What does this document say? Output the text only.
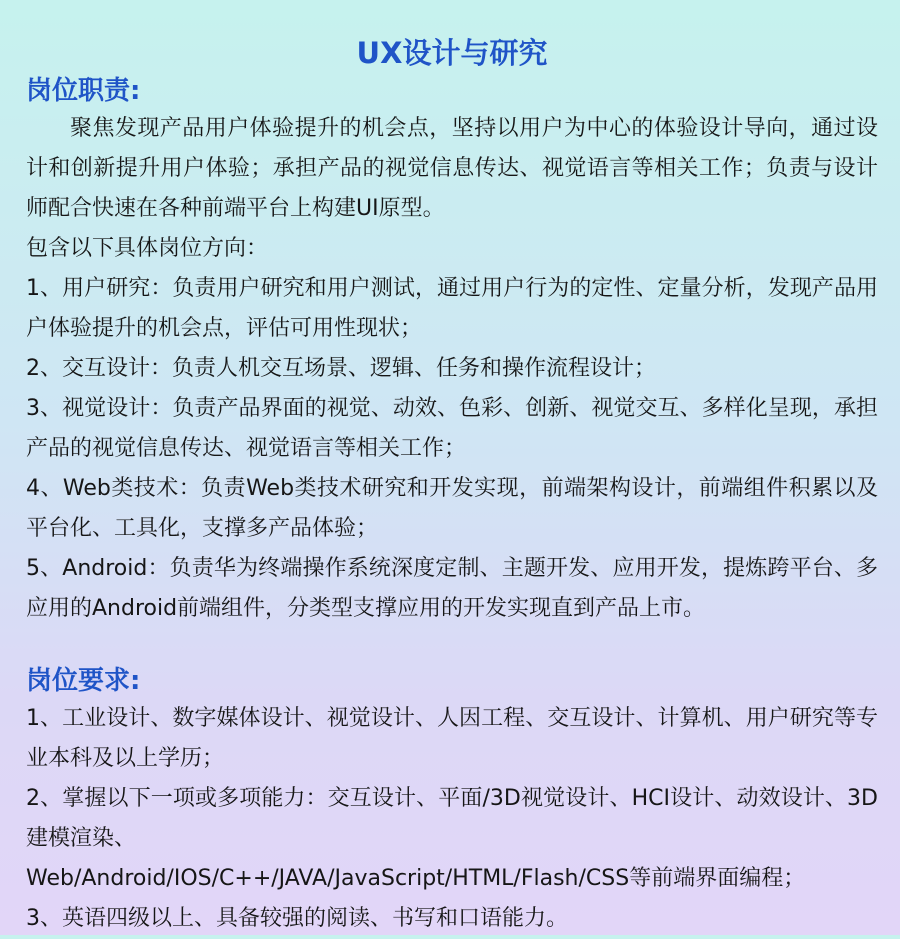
UX设计与研究
岗位职责:

聚焦发现产品用户体验提升的机会点，坚持以用户为中心的体验设计导向，通过设计和创新提升用户体验；承担产品的视觉信息传达、视觉语言等相关工作；负责与设计师配合快速在各种前端平台上构建UI原型。

包含以下具体岗位方向：

1、用户研究：负责用户研究和用户测试，通过用户行为的定性、定量分析，发现产品用户体验提升的机会点，评估可用性现状；

2、交互设计：负责人机交互场景、逻辑、任务和操作流程设计；

3、视觉设计：负责产品界面的视觉、动效、色彩、创新、视觉交互、多样化呈现，承担产品的视觉信息传达、视觉语言等相关工作；

4、Web类技术：负责Web类技术研究和开发实现，前端架构设计，前端组件积累以及平台化、工具化，支撑多产品体验；

5、Android：负责华为终端操作系统深度定制、主题开发、应用开发，提炼跨平台、多应用的Android前端组件，分类型支撑应用的开发实现直到产品上市。

岗位要求:

1、工业设计、数字媒体设计、视觉设计、人因工程、交互设计、计算机、用户研究等专业本科及以上学历；

2、掌握以下一项或多项能力：交互设计、平面/3D视觉设计、HCI设计、动效设计、3D建模渲染、

Web/Android/IOS/C++/JAVA/JavaScript/HTML/Flash/CSS等前端界面编程；

3、英语四级以上、具备较强的阅读、书写和口语能力。
